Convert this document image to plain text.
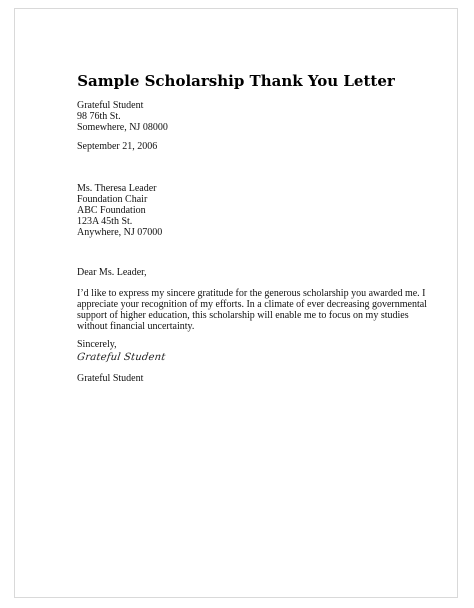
Sample Scholarship Thank You Letter
Grateful Student
98 76th St.
Somewhere, NJ 08000
September 21, 2006
Ms. Theresa Leader
Foundation Chair
ABC Foundation
123A 45th St.
Anywhere, NJ 07000
Dear Ms. Leader,
I’d like to express my sincere gratitude for the generous scholarship you awarded me. I
appreciate your recognition of my efforts. In a climate of ever decreasing governmental
support of higher education, this scholarship will enable me to focus on my studies
without financial uncertainty.
Sincerely,
Grateful Student
Grateful Student
